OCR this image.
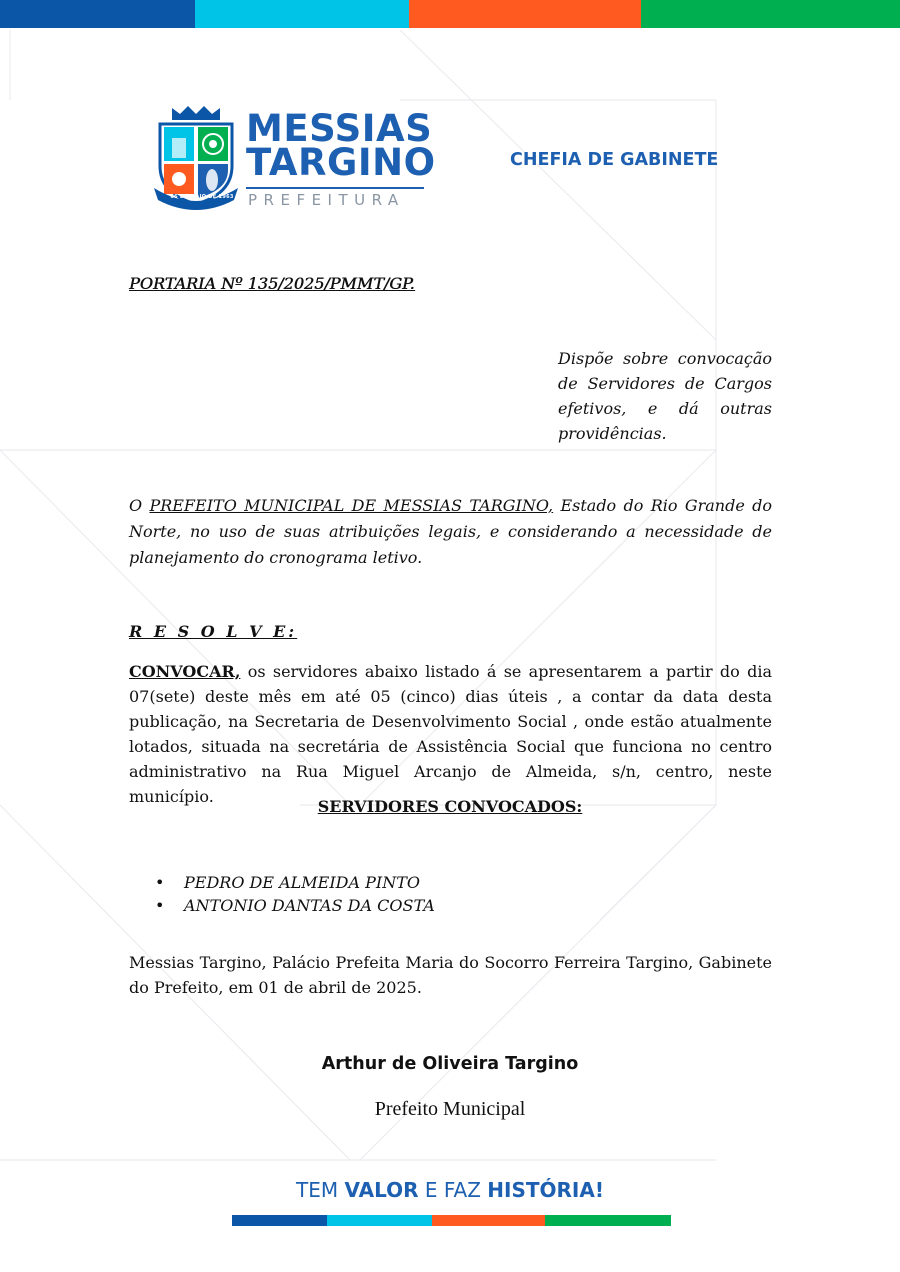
06 DE MAIO DE 1963
MESSIAS
TARGINO
PREFEITURA
CHEFIA DE GABINETE
PORTARIA Nº 135/2025/PMMT/GP.
Dispõe sobre convocação de Servidores de Cargos efetivos, e dá outras providências.
O PREFEITO MUNICIPAL DE MESSIAS TARGINO, Estado do Rio Grande do Norte, no uso de suas atribuições legais, e considerando a necessidade de planejamento do cronograma letivo.
R E S O L V E:
CONVOCAR, os servidores abaixo listado á se apresentarem a partir do dia 07(sete) deste mês em até 05 (cinco) dias úteis , a contar da data desta publicação, na Secretaria de Desenvolvimento Social , onde estão atualmente lotados, situada na secretária de Assistência Social que funciona no centro administrativo na Rua Miguel Arcanjo de Almeida, s/n, centro, neste município.
SERVIDORES CONVOCADOS:
• PEDRO DE ALMEIDA PINTO
• ANTONIO DANTAS DA COSTA
Messias Targino, Palácio Prefeita Maria do Socorro Ferreira Targino, Gabinete do Prefeito, em 01 de abril de 2025.
Arthur de Oliveira Targino
Prefeito Municipal
TEM VALOR E FAZ HISTÓRIA!
